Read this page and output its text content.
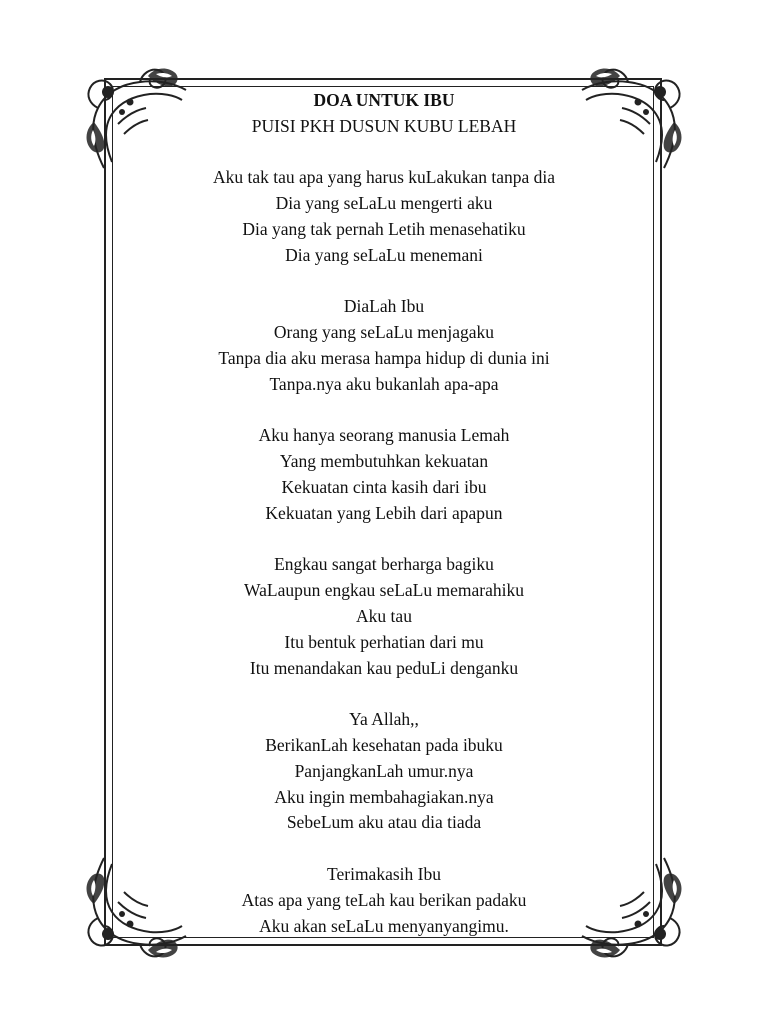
DOA UNTUK IBU

PUISI PKH DUSUN KUBU LEBAH

Aku tak tau apa yang harus kuLakukan tanpa dia
Dia yang seLaLu mengerti aku
Dia yang tak pernah Letih menasehatiku
Dia yang seLaLu menemani
DiaLah Ibu
Orang yang seLaLu menjagaku
Tanpa dia aku merasa hampa hidup di dunia ini
Tanpa.nya aku bukanlah apa-apa
Aku hanya seorang manusia Lemah
Yang membutuhkan kekuatan
Kekuatan cinta kasih dari ibu
Kekuatan yang Lebih dari apapun
Engkau sangat berharga bagiku
WaLaupun engkau seLaLu memarahiku
Aku tau
Itu bentuk perhatian dari mu
Itu menandakan kau peduLi denganku
Ya Allah,,
BerikanLah kesehatan pada ibuku
PanjangkanLah umur.nya
Aku ingin membahagiakan.nya
SebeLum aku atau dia tiada
Terimakasih Ibu
Atas apa yang teLah kau berikan padaku
Aku akan seLaLu menyanyangimu.
